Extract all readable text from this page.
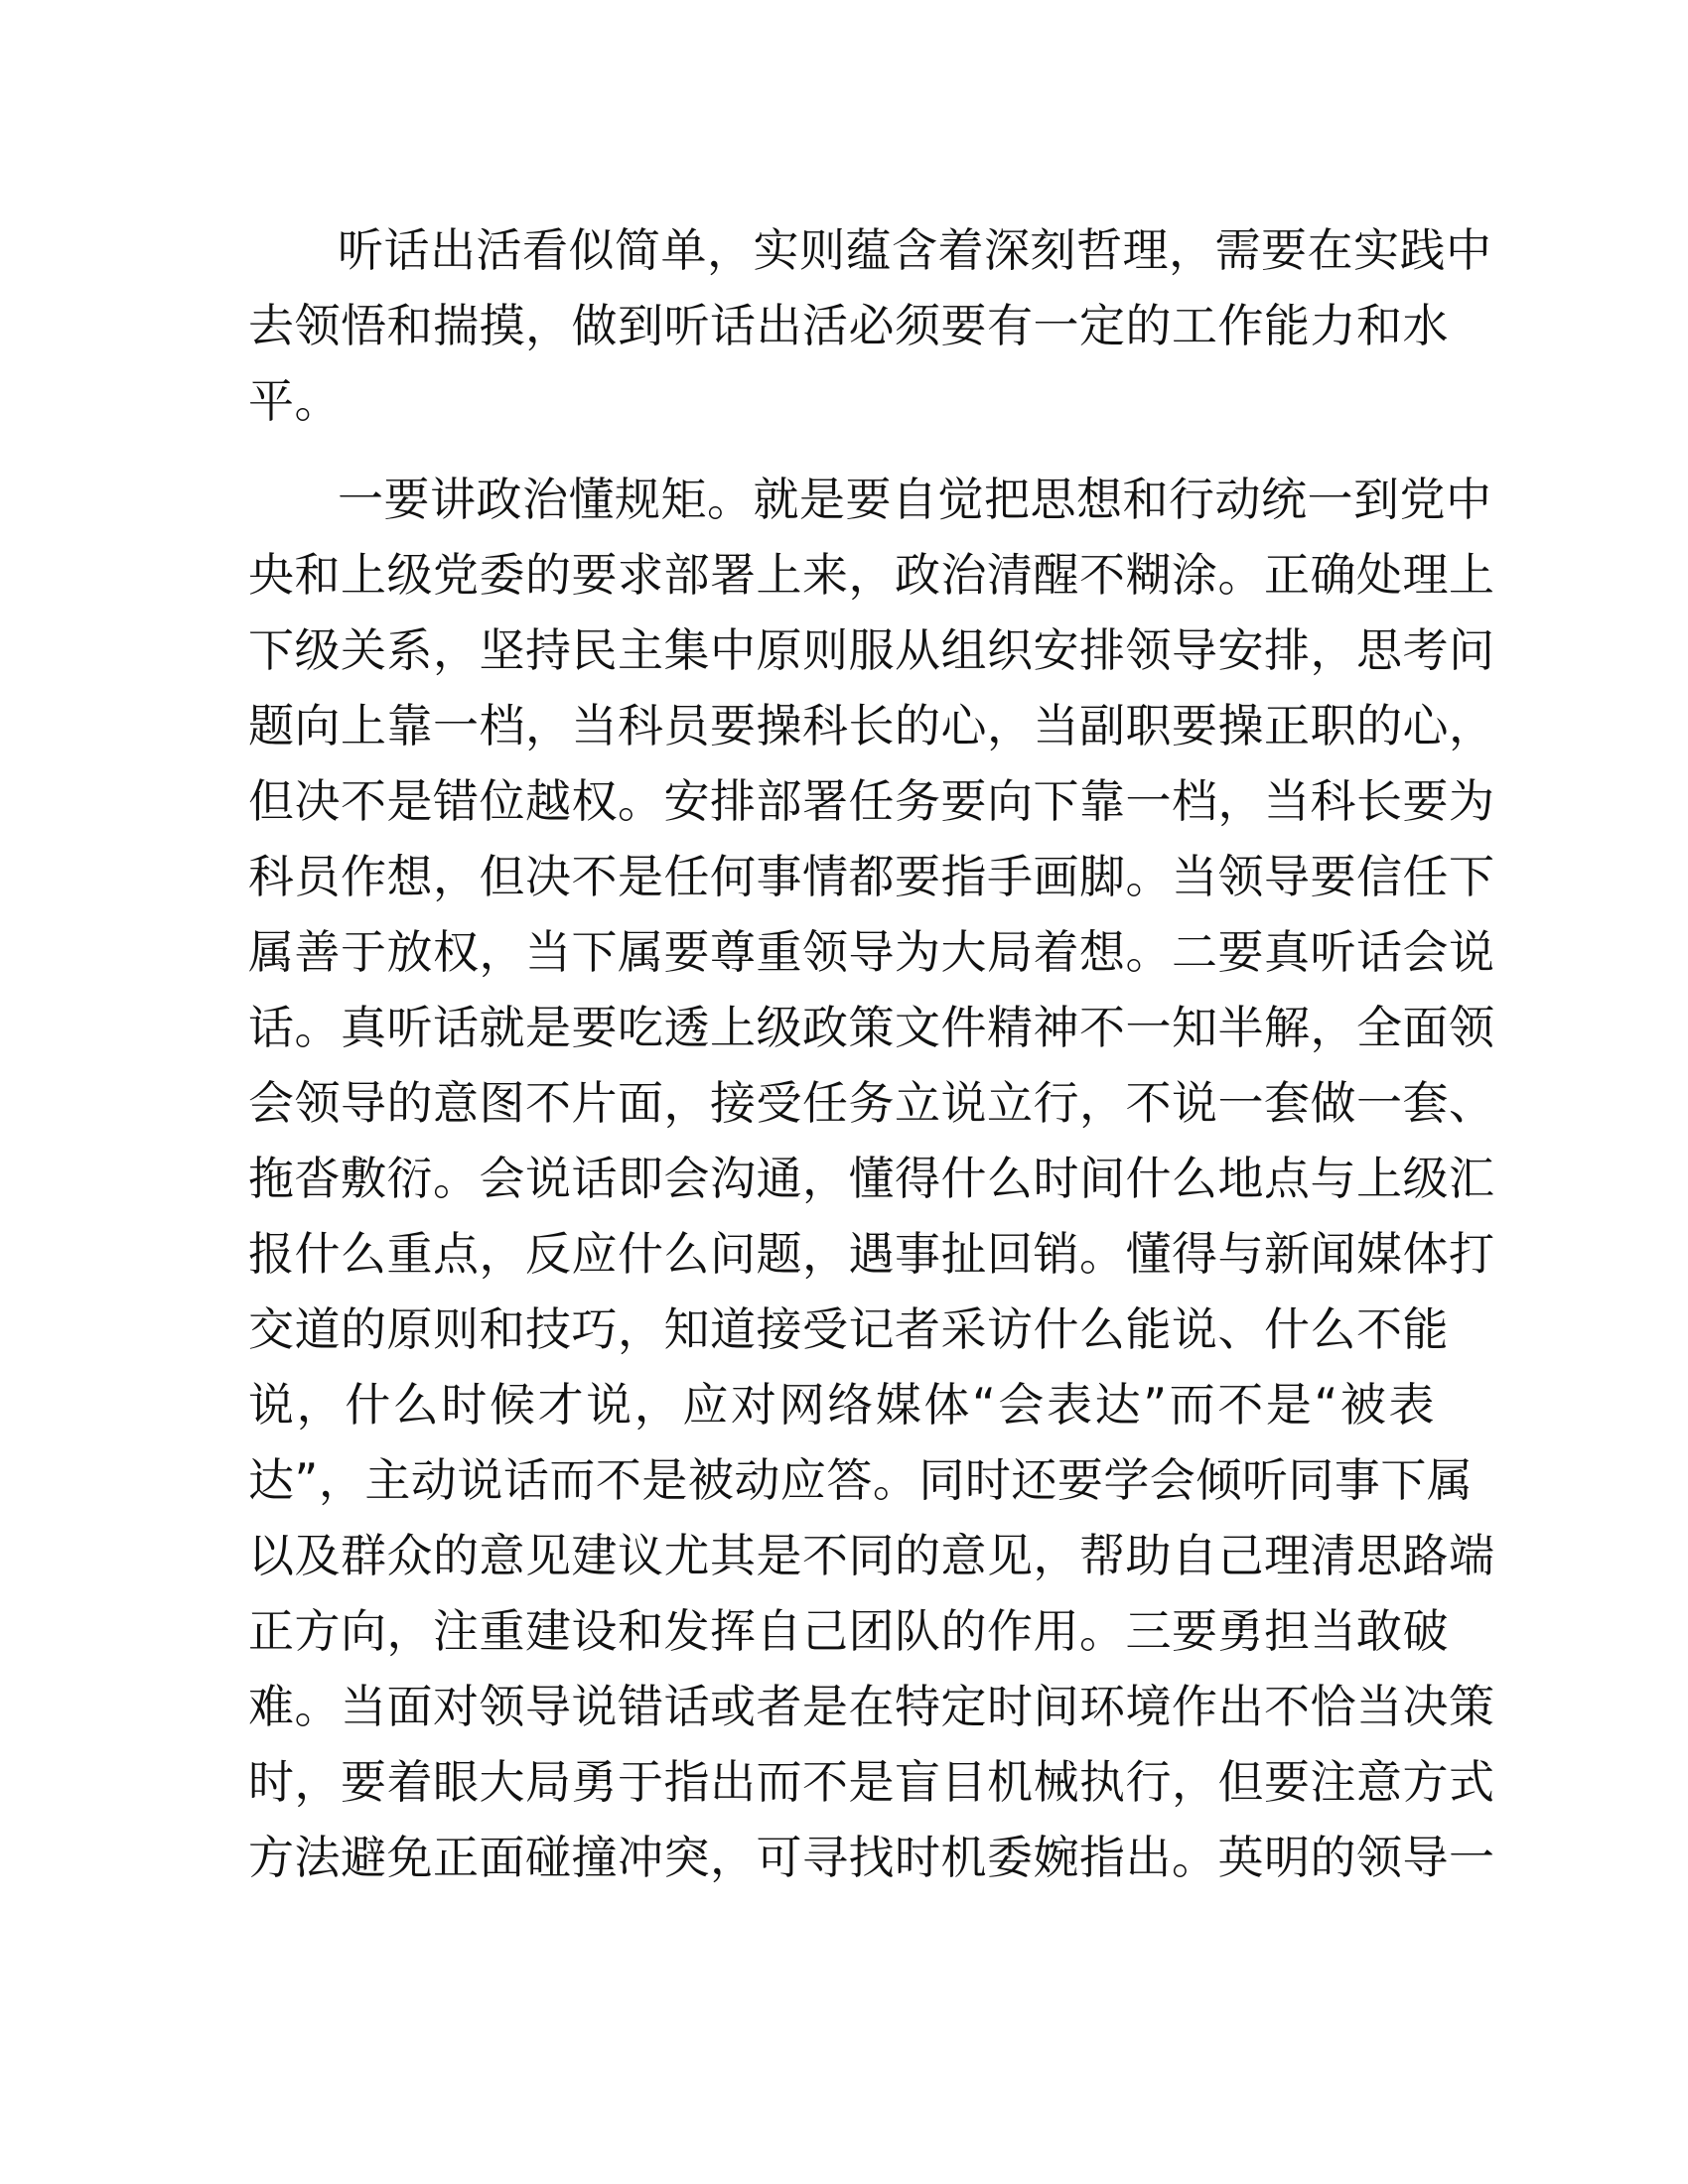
听话出活看似简单，实则蕴含着深刻哲理，需要在实践中
去领悟和揣摸，做到听话出活必须要有一定的工作能力和水
平。
一要讲政治懂规矩。就是要自觉把思想和行动统一到党中
央和上级党委的要求部署上来，政治清醒不糊涂。正确处理上
下级关系，坚持民主集中原则服从组织安排领导安排，思考问
题向上靠一档，当科员要操科长的心，当副职要操正职的心，
但决不是错位越权。安排部署任务要向下靠一档，当科长要为
科员作想，但决不是任何事情都要指手画脚。当领导要信任下
属善于放权，当下属要尊重领导为大局着想。二要真听话会说
话。真听话就是要吃透上级政策文件精神不一知半解，全面领
会领导的意图不片面，接受任务立说立行，不说一套做一套、
拖沓敷衍。会说话即会沟通，懂得什么时间什么地点与上级汇
报什么重点，反应什么问题，遇事扯回销。懂得与新闻媒体打
交道的原则和技巧，知道接受记者采访什么能说、什么不能
说，什么时候才说，应对网络媒体“会表达”而不是“被表
达”，主动说话而不是被动应答。同时还要学会倾听同事下属
以及群众的意见建议尤其是不同的意见，帮助自己理清思路端
正方向，注重建设和发挥自己团队的作用。三要勇担当敢破
难。当面对领导说错话或者是在特定时间环境作出不恰当决策
时，要着眼大局勇于指出而不是盲目机械执行，但要注意方式
方法避免正面碰撞冲突，可寻找时机委婉指出。英明的领导一
